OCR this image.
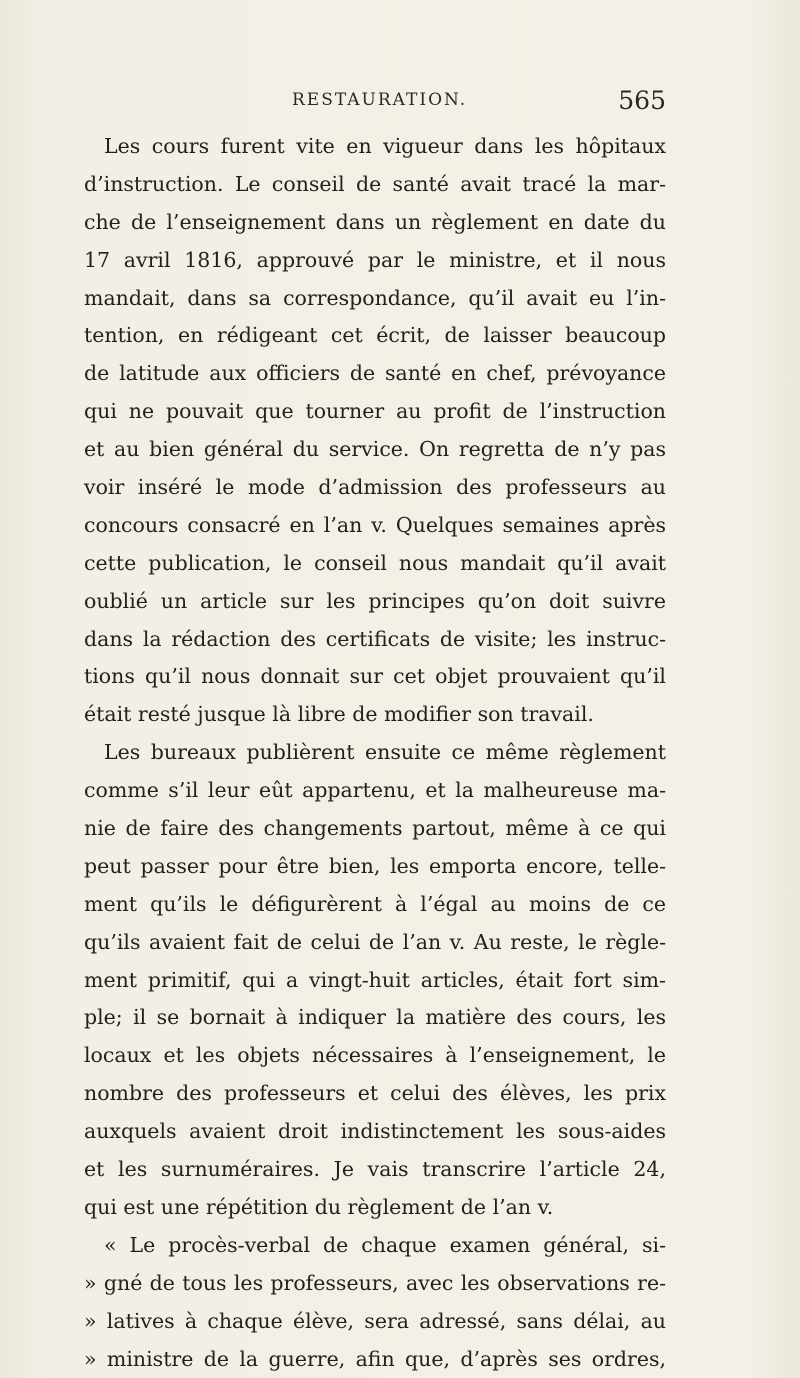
RESTAURATION.	565
Les cours furent vite en vigueur dans les hôpitaux
d’instruction. Le conseil de santé avait tracé la mar-
che de l’enseignement dans un règlement en date du
17 avril 1816, approuvé par le ministre, et il nous
mandait, dans sa correspondance, qu’il avait eu l’in-
tention, en rédigeant cet écrit, de laisser beaucoup
de latitude aux officiers de santé en chef, prévoyance
qui ne pouvait que tourner au profit de l’instruction
et au bien général du service. On regretta de n’y pas
voir inséré le mode d’admission des professeurs au
concours consacré en l’an v. Quelques semaines après
cette publication, le conseil nous mandait qu’il avait
oublié un article sur les principes qu’on doit suivre
dans la rédaction des certificats de visite; les instruc-
tions qu’il nous donnait sur cet objet prouvaient qu’il
était resté jusque là libre de modifier son travail.
Les bureaux publièrent ensuite ce même règlement
comme s’il leur eût appartenu, et la malheureuse ma-
nie de faire des changements partout, même à ce qui
peut passer pour être bien, les emporta encore, telle-
ment qu’ils le défigurèrent à l’égal au moins de ce
qu’ils avaient fait de celui de l’an v. Au reste, le règle-
ment primitif, qui a vingt-huit articles, était fort sim-
ple; il se bornait à indiquer la matière des cours, les
locaux et les objets nécessaires à l’enseignement, le
nombre des professeurs et celui des élèves, les prix
auxquels avaient droit indistinctement les sous-aides
et les surnuméraires. Je vais transcrire l’article 24,
qui est une répétition du règlement de l’an v.
« Le procès-verbal de chaque examen général, si-
» gné de tous les professeurs, avec les observations re-
» latives à chaque élève, sera adressé, sans délai, au
» ministre de la guerre, afin que, d’après ses ordres,
